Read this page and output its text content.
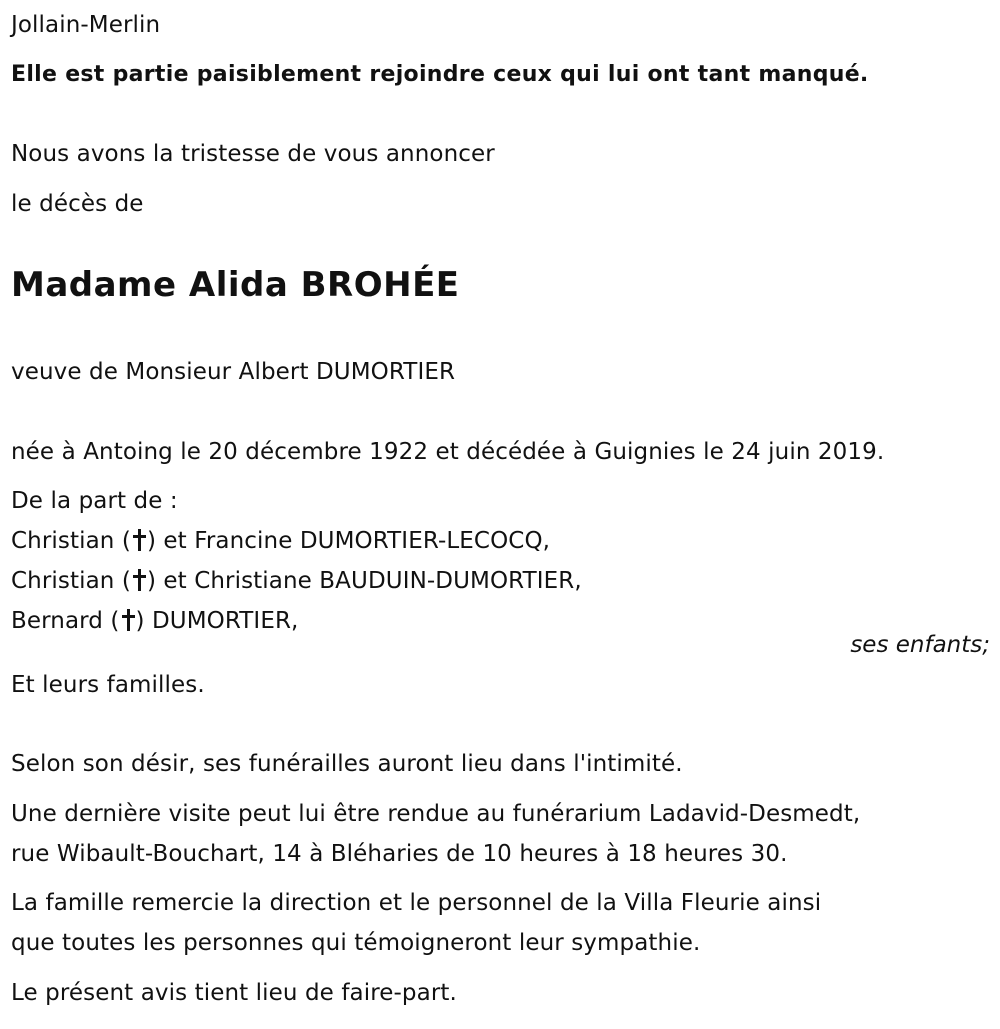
Jollain-Merlin
Elle est partie paisiblement rejoindre ceux qui lui ont tant manqué.
Nous avons la tristesse de vous annoncer
le décès de
Madame Alida BROHÉE
veuve de Monsieur Albert DUMORTIER
née à Antoing le 20 décembre 1922 et décédée à Guignies le 24 juin 2019.
De la part de :
Christian ( ) et Francine DUMORTIER-LECOCQ,
Christian ( ) et Christiane BAUDUIN-DUMORTIER,
Bernard ( ) DUMORTIER,
ses enfants;
Et leurs familles.
Selon son désir, ses funérailles auront lieu dans l'intimité.
Une dernière visite peut lui être rendue au funérarium Ladavid-Desmedt,
rue Wibault-Bouchart, 14 à Bléharies de 10 heures à 18 heures 30.
La famille remercie la direction et le personnel de la Villa Fleurie ainsi
que toutes les personnes qui témoigneront leur sympathie.
Le présent avis tient lieu de faire-part.
